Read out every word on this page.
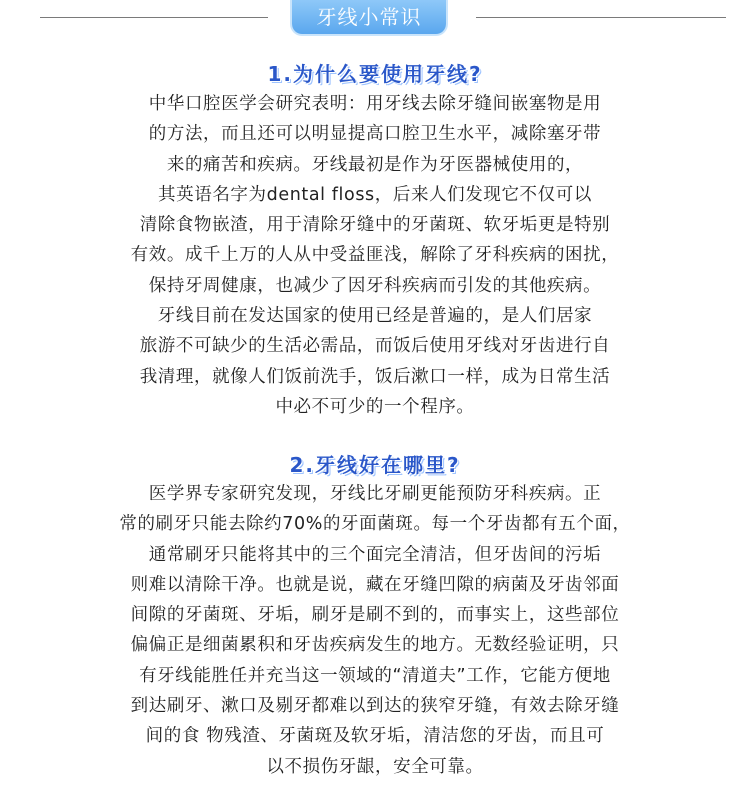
牙线小常识
1.为什么要使用牙线?
中华口腔医学会研究表明：用牙线去除牙缝间嵌塞物是用
的方法，而且还可以明显提高口腔卫生水平，减除塞牙带
来的痛苦和疾病。牙线最初是作为牙医器械使用的，
其英语名字为dental floss，后来人们发现它不仅可以
清除食物嵌渣，用于清除牙缝中的牙菌斑、软牙垢更是特别
有效。成千上万的人从中受益匪浅，解除了牙科疾病的困扰，
保持牙周健康，也减少了因牙科疾病而引发的其他疾病。
牙线目前在发达国家的使用已经是普遍的，是人们居家
旅游不可缺少的生活必需品，而饭后使用牙线对牙齿进行自
我清理，就像人们饭前洗手，饭后漱口一样，成为日常生活
中必不可少的一个程序。
2.牙线好在哪里?
医学界专家研究发现，牙线比牙刷更能预防牙科疾病。正
常的刷牙只能去除约70%的牙面菌斑。每一个牙齿都有五个面，
通常刷牙只能将其中的三个面完全清洁，但牙齿间的污垢
则难以清除干净。也就是说，藏在牙缝凹隙的病菌及牙齿邻面
间隙的牙菌斑、牙垢，刷牙是刷不到的，而事实上，这些部位
偏偏正是细菌累积和牙齿疾病发生的地方。无数经验证明，只
有牙线能胜任并充当这一领域的“清道夫”工作，它能方便地
到达刷牙、漱口及剔牙都难以到达的狭窄牙缝，有效去除牙缝
间的食 物残渣、牙菌斑及软牙垢，清洁您的牙齿，而且可
以不损伤牙龈，安全可靠。
